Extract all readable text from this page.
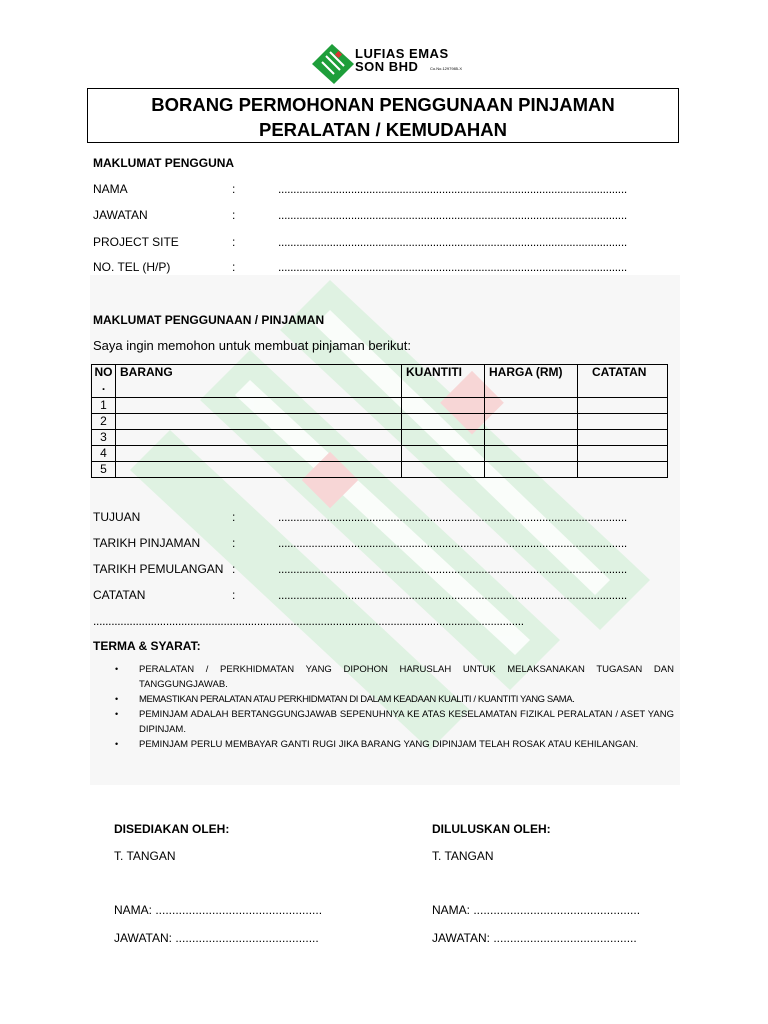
LUFIAS EMAS
SON BHD	Co.No.1297985-X
BORANG PERMOHONAN PENGGUNAAN PINJAMAN
PERALATAN / KEMUDAHAN
MAKLUMAT PENGGUNA
NAMA	:	...................................................................................................................
JAWATAN	:	...................................................................................................................
PROJECT SITE	:	...................................................................................................................
NO. TEL (H/P)	:	...................................................................................................................
MAKLUMAT PENGGUNAAN / PINJAMAN
Saya ingin memohon untuk membuat pinjaman berikut:
NO .	BARANG	KUANTITI	HARGA (RM)	CATATAN
1				
2				
3				
4				
5				
TUJUAN	:	...................................................................................................................
TARIKH PINJAMAN	:	...................................................................................................................
TARIKH PEMULANGAN :	...................................................................................................................
CATATAN	:	...................................................................................................................
..............................................................................................................................................
TERMA & SYARAT:
•	PERALATAN / PERKHIDMATAN YANG DIPOHON HARUSLAH UNTUK MELAKSANAKAN TUGASAN DAN TANGGUNGJAWAB.
•	MEMASTIKAN PERALATAN ATAU PERKHIDMATAN DI DALAM KEADAAN KUALITI / KUANTITI YANG SAMA.
•	PEMINJAM ADALAH BERTANGGUNGJAWAB SEPENUHNYA KE ATAS KESELAMATAN FIZIKAL PERALATAN / ASET YANG DIPINJAM.
•	PEMINJAM PERLU MEMBAYAR GANTI RUGI JIKA BARANG YANG DIPINJAM TELAH ROSAK ATAU KEHILANGAN.
DISEDIAKAN OLEH:
T. TANGAN
NAMA: ..................................................
JAWATAN: ...........................................
DILULUSKAN OLEH:
T. TANGAN
NAMA: ..................................................
JAWATAN: ...........................................
